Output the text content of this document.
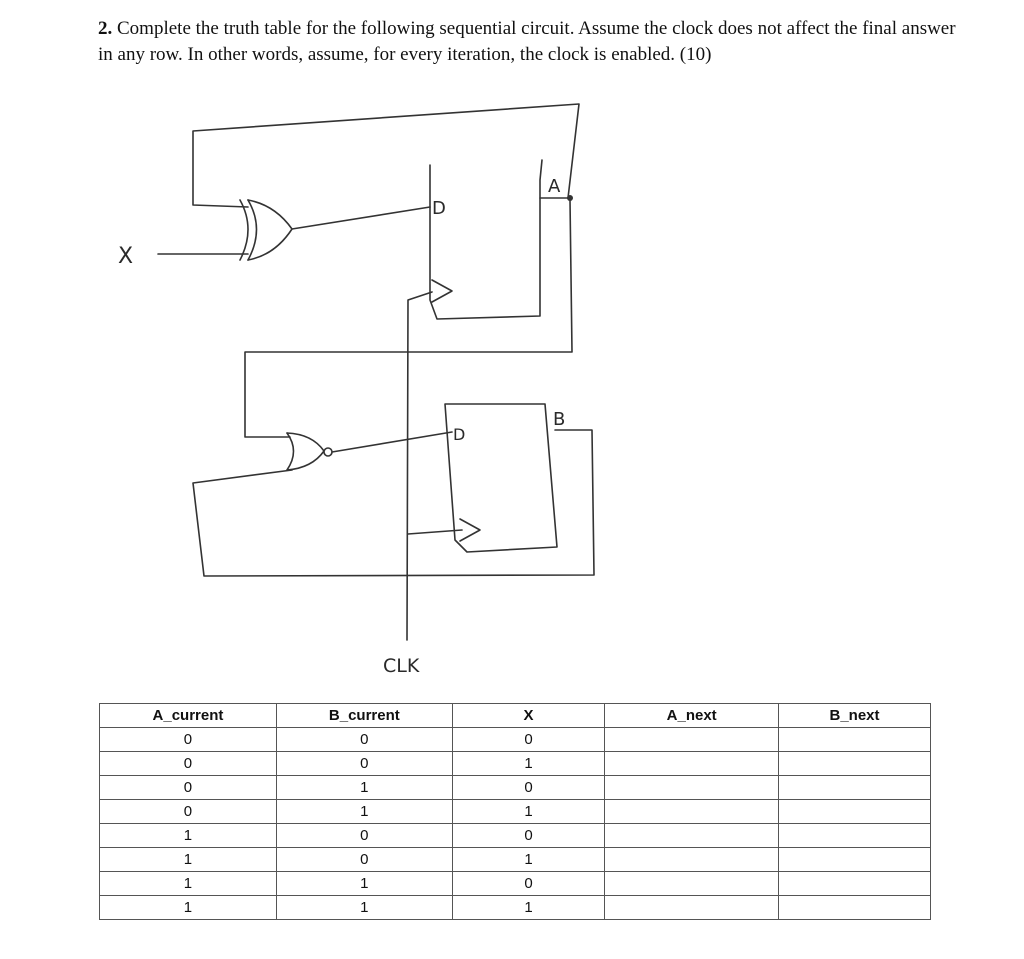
2. Complete the truth table for the following sequential circuit. Assume the clock does not affect the final answer in any row. In other words, assume, for every iteration, the clock is enabled. (10)
X
A
B
D
D
CLK
A_current	B_current	X	A_next	B_next
0	0	0		
0	0	1		
0	1	0		
0	1	1		
1	0	0		
1	0	1		
1	1	0		
1	1	1		
